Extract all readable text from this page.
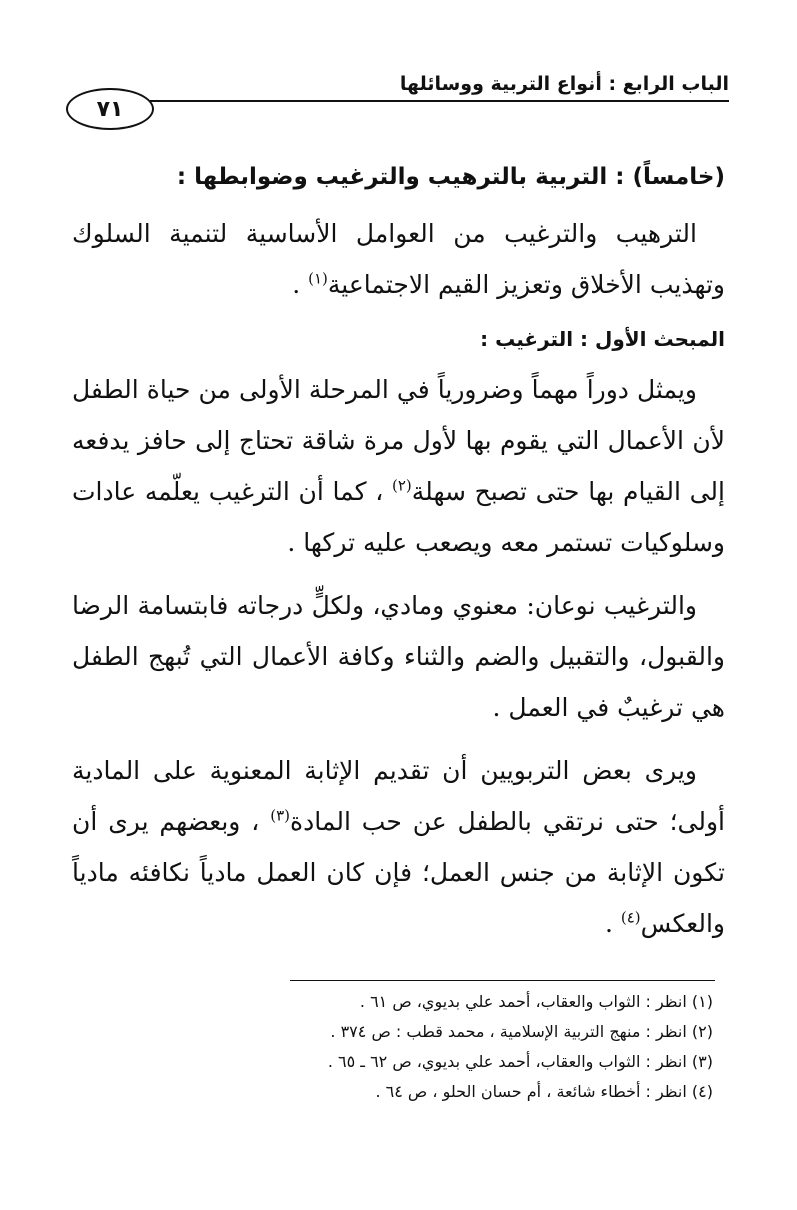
الباب الرابع : أنواع التربية ووسائلها
٧١
(خامساً) : التربية بالترهيب والترغيب وضوابطها :

الترهيب والترغيب من العوامل الأساسية لتنمية السلوك وتهذيب الأخلاق وتعزيز القيم الاجتماعية$^{(١)}$ .

المبحث الأول : الترغيب :

ويمثل دوراً مهماً وضرورياً في المرحلة الأولى من حياة الطفل لأن الأعمال التي يقوم بها لأول مرة شاقة تحتاج إلى حافز يدفعه إلى القيام بها حتى تصبح سهلة$^{(٢)}$ ، كما أن الترغيب يعلّمه عادات وسلوكيات تستمر معه ويصعب عليه تركها .

والترغيب نوعان: معنوي ومادي، ولكلٍّ درجاته فابتسامة الرضا والقبول، والتقبيل والضم والثناء وكافة الأعمال التي تُبهج الطفل هي ترغيبٌ في العمل .

ويرى بعض التربويين أن تقديم الإثابة المعنوية على المادية أولى؛ حتى نرتقي بالطفل عن حب المادة$^{(٣)}$ ، وبعضهم يرى أن تكون الإثابة من جنس العمل؛ فإن كان العمل مادياً نكافئه مادياً والعكس$^{(٤)}$ .

(١) انظر : الثواب والعقاب، أحمد علي بديوي، ص ٦١ .
(٢) انظر : منهج التربية الإسلامية ، محمد قطب : ص ٣٧٤ .
(٣) انظر : الثواب والعقاب، أحمد علي بديوي، ص ٦٢ ـ ٦٥ .
(٤) انظر : أخطاء شائعة ، أم حسان الحلو ، ص ٦٤ .
